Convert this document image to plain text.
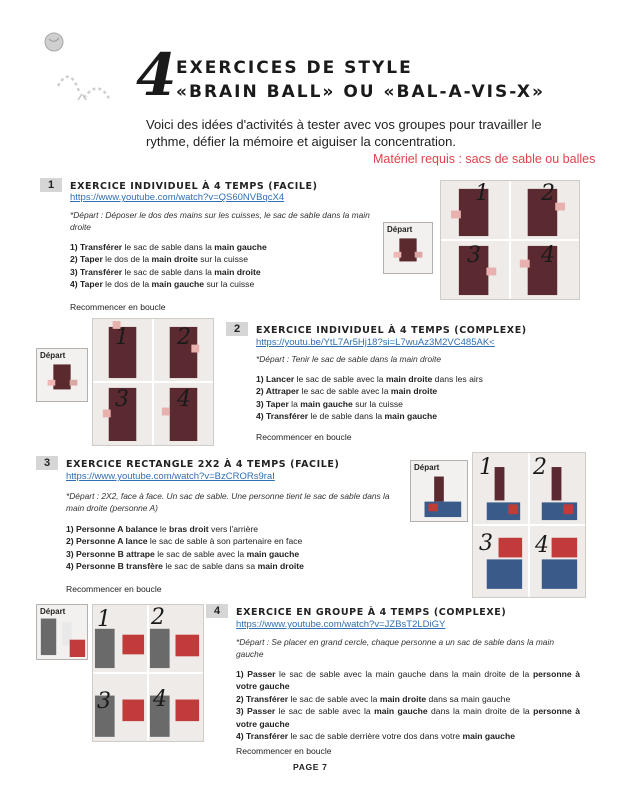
4 EXERCICES DE STYLE
«BRAIN BALL» OU «BAL-A-VIS-X»
Voici des idées d'activités à tester avec vos groupes pour travailler le rythme, défier la mémoire et aiguiser la concentration.
Matériel requis : sacs de sable ou balles
1	EXERCICE INDIVIDUEL À 4 TEMPS (FACILE)
https://www.youtube.com/watch?v=QS60NVBqcX4
*Départ : Déposer le dos des mains sur les cuisses, le sac de sable dans la main droite
1) Transférer le sac de sable dans la main gauche
2) Taper le dos de la main droite sur la cuisse
3) Transférer le sac de sable dans la main droite
4) Taper le dos de la main gauche sur la cuisse
Recommencer en boucle
Départ
1 2
3	4
Départ
1 2
3 4
2	EXERCICE INDIVIDUEL À 4 TEMPS (COMPLEXE)
https://youtu.be/YtL7Ar5Hj18?si=L7wuAz3M2VC485AK<
*Départ : Tenir le sac de sable dans la main droite
1) Lancer le sac de sable avec la main droite dans les airs
2) Attraper le sac de sable avec la main droite
3) Taper la main gauche sur la cuisse
4) Transférer le de sable dans la main gauche
Recommencer en boucle
3	EXERCICE RECTANGLE 2X2 À 4 TEMPS (FACILE)
https://www.youtube.com/watch?v=BzCRORs9raI
*Départ : 2X2, face à face. Un sac de sable. Une personne tient le sac de sable dans la main droite (personne A)
1) Personne A balance le bras droit vers l'arrière
2) Personne A lance le sac de sable à son partenaire en face
3) Personne B attrape le sac de sable avec la main gauche
4) Personne B transfère le sac de sable dans sa main droite
Recommencer en boucle
Départ 1 2
3 4
Départ 1 2
3 4
4	EXERCICE EN GROUPE À 4 TEMPS (COMPLEXE)
https://www.youtube.com/watch?v=JZBsT2LDiGY
*Départ : Se placer en grand cercle, chaque personne a un sac de sable dans la main gauche
1) Passer le sac de sable avec la main gauche dans la main droite de la personne à votre gauche
2) Transférer le sac de sable avec la main droite dans sa main gauche
3) Passer le sac de sable avec la main gauche dans la main droite de la personne à votre gauche
4) Transférer le sac de sable derrière votre dos dans votre main gauche
Recommencer en boucle
PAGE 7
